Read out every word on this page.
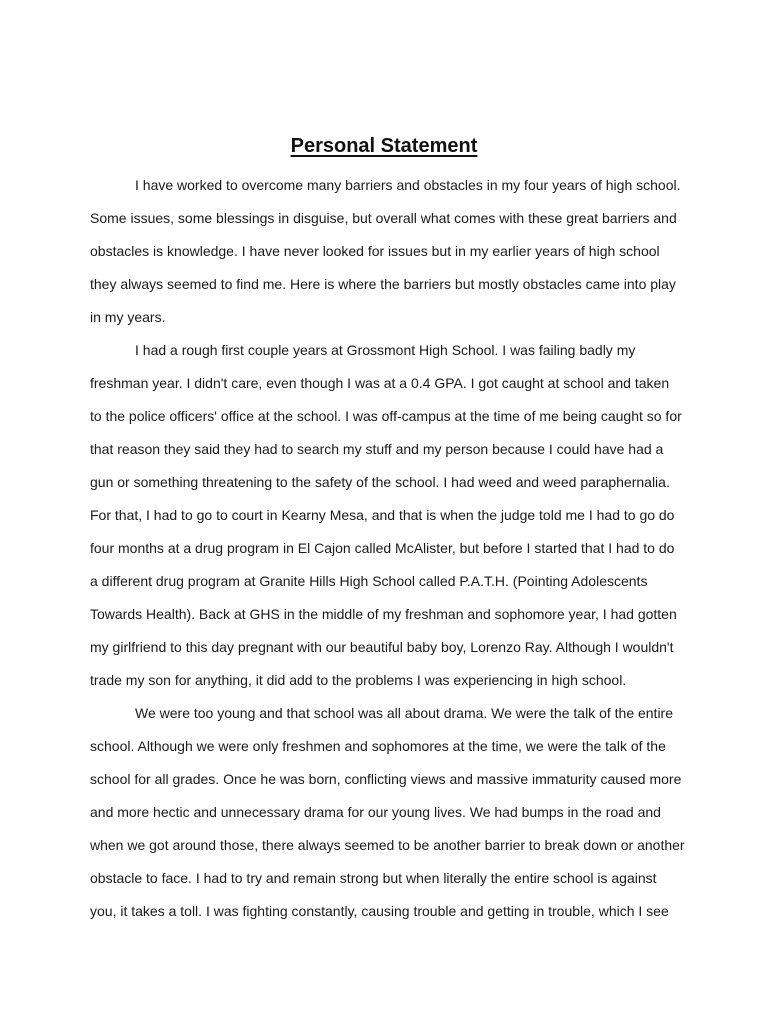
Personal Statement
I have worked to overcome many barriers and obstacles in my four years of high school.
Some issues, some blessings in disguise, but overall what comes with these great barriers and
obstacles is knowledge. I have never looked for issues but in my earlier years of high school
they always seemed to find me. Here is where the barriers but mostly obstacles came into play
in my years.
I had a rough first couple years at Grossmont High School. I was failing badly my
freshman year. I didn't care, even though I was at a 0.4 GPA. I got caught at school and taken
to the police officers' office at the school. I was off-campus at the time of me being caught so for
that reason they said they had to search my stuff and my person because I could have had a
gun or something threatening to the safety of the school. I had weed and weed paraphernalia.
For that, I had to go to court in Kearny Mesa, and that is when the judge told me I had to go do
four months at a drug program in El Cajon called McAlister, but before I started that I had to do
a different drug program at Granite Hills High School called P.A.T.H. (Pointing Adolescents
Towards Health). Back at GHS in the middle of my freshman and sophomore year, I had gotten
my girlfriend to this day pregnant with our beautiful baby boy, Lorenzo Ray. Although I wouldn't
trade my son for anything, it did add to the problems I was experiencing in high school.
We were too young and that school was all about drama. We were the talk of the entire
school. Although we were only freshmen and sophomores at the time, we were the talk of the
school for all grades. Once he was born, conflicting views and massive immaturity caused more
and more hectic and unnecessary drama for our young lives. We had bumps in the road and
when we got around those, there always seemed to be another barrier to break down or another
obstacle to face. I had to try and remain strong but when literally the entire school is against
you, it takes a toll. I was fighting constantly, causing trouble and getting in trouble, which I see
